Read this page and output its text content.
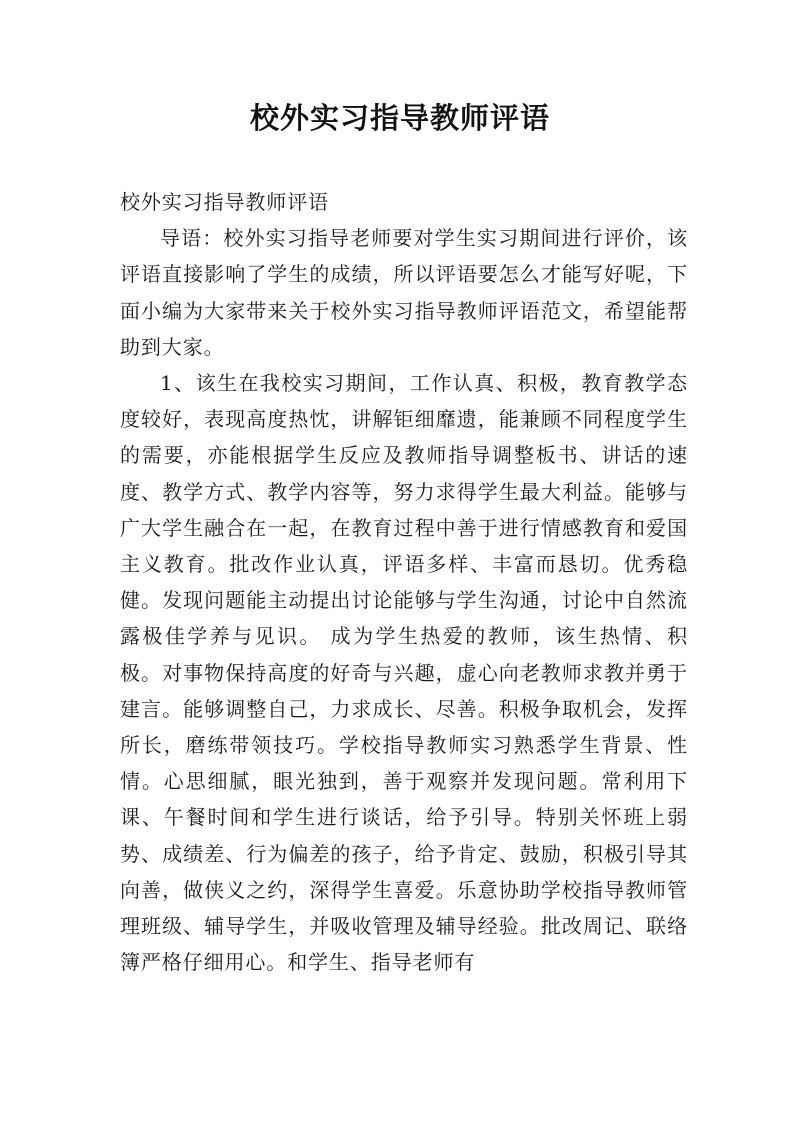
校外实习指导教师评语

校外实习指导教师评语

导语：校外实习指导老师要对学生实习期间进行评价，该评语直接影响了学生的成绩，所以评语要怎么才能写好呢，下面小编为大家带来关于校外实习指导教师评语范文，希望能帮助到大家。

1、该生在我校实习期间，工作认真、积极，教育教学态度较好，表现高度热忱，讲解钜细靡遗，能兼顾不同程度学生的需要，亦能根据学生反应及教师指导调整板书、讲话的速度、教学方式、教学内容等，努力求得学生最大利益。能够与广大学生融合在一起，在教育过程中善于进行情感教育和爱国主义教育。批改作业认真，评语多样、丰富而恳切。优秀稳健。发现问题能主动提出讨论能够与学生沟通，讨论中自然流露极佳学养与见识。 成为学生热爱的教师，该生热情、积极。对事物保持高度的好奇与兴趣，虚心向老教师求教并勇于建言。能够调整自己，力求成长、尽善。积极争取机会，发挥所长，磨练带领技巧。学校指导教师实习熟悉学生背景、性情。心思细腻，眼光独到，善于观察并发现问题。常利用下课、午餐时间和学生进行谈话，给予引导。特别关怀班上弱势、成绩差、行为偏差的孩子，给予肯定、鼓励，积极引导其向善，做侠义之约，深得学生喜爱。乐意协助学校指导教师管理班级、辅导学生，并吸收管理及辅导经验。批改周记、联络簿严格仔细用心。和学生、指导老师有
